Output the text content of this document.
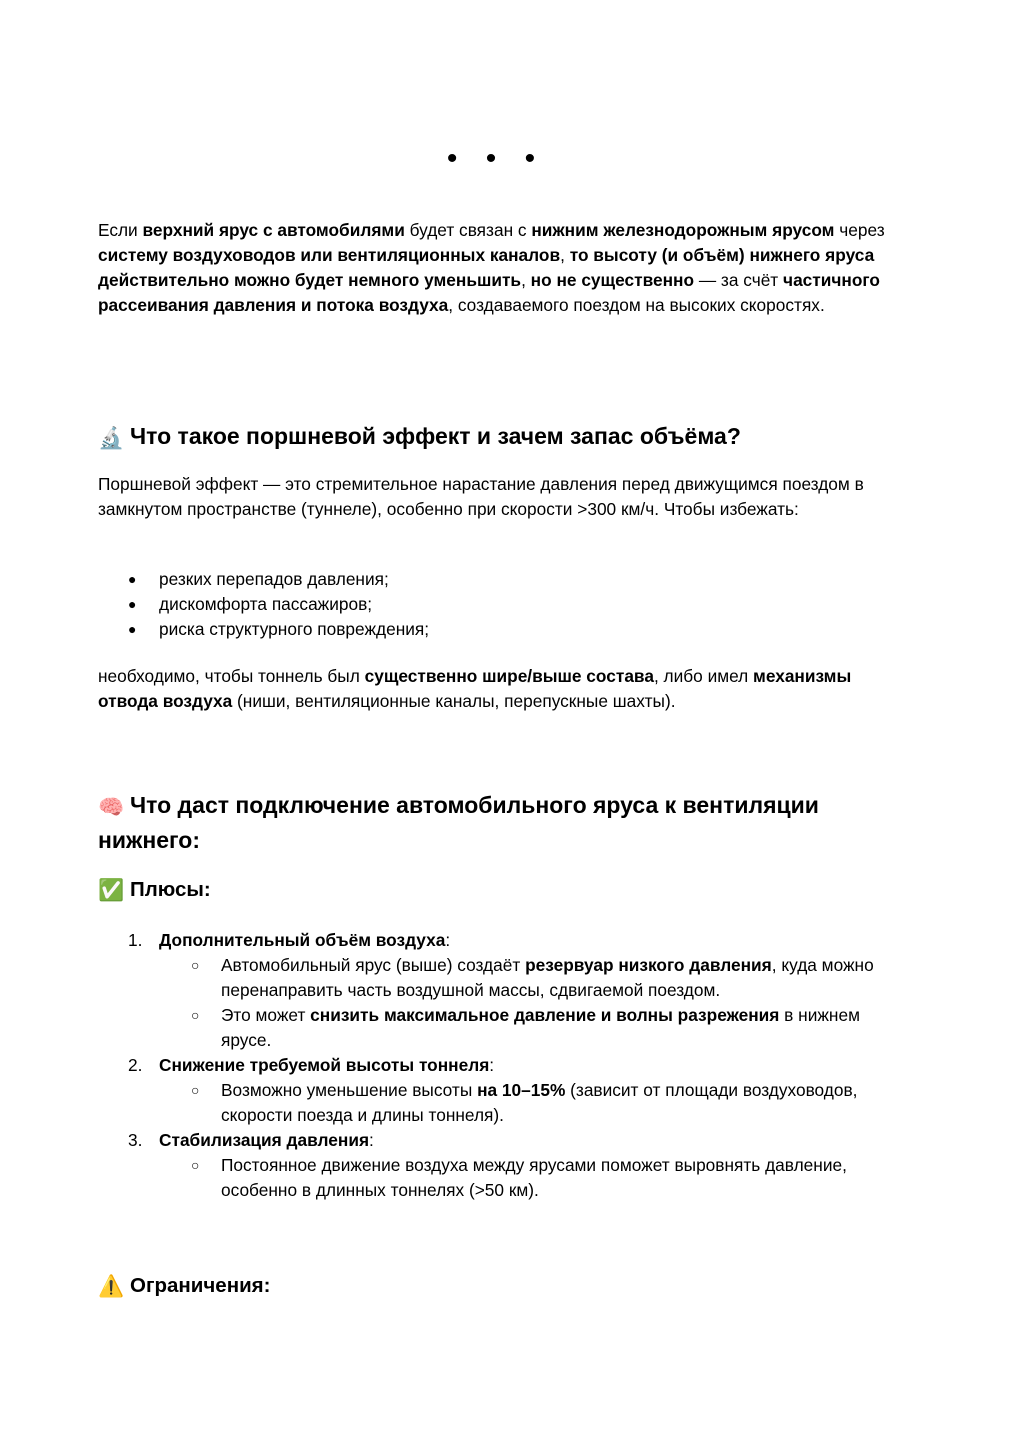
• • •

Если верхний ярус с автомобилями будет связан с нижним железнодорожным ярусом через систему воздуховодов или вентиляционных каналов, то высоту (и объём) нижнего яруса действительно можно будет немного уменьшить, но не существенно — за счёт частичного рассеивания давления и потока воздуха, создаваемого поездом на высоких скоростях.

🔬 Что такое поршневой эффект и зачем запас объёма?

Поршневой эффект — это стремительное нарастание давления перед движущимся поездом в замкнутом пространстве (туннеле), особенно при скорости >300 км/ч. Чтобы избежать:

● резких перепадов давления;
● дискомфорта пассажиров;
● риска структурного повреждения;

необходимо, чтобы тоннель был существенно шире/выше состава, либо имел механизмы отвода воздуха (ниши, вентиляционные каналы, перепускные шахты).

🧠 Что даст подключение автомобильного яруса к вентиляции нижнего:
✅ Плюсы:
1. Дополнительный объём воздуха:
○ Автомобильный ярус (выше) создаёт резервуар низкого давления, куда можно перенаправить часть воздушной массы, сдвигаемой поездом.
○ Это может снизить максимальное давление и волны разрежения в нижнем ярусе.
2. Снижение требуемой высоты тоннеля:
○ Возможно уменьшение высоты на 10–15% (зависит от площади воздуховодов, скорости поезда и длины тоннеля).
3. Стабилизация давления:
○ Постоянное движение воздуха между ярусами поможет выровнять давление, особенно в длинных тоннелях (>50 км).
⚠️ Ограничения:
